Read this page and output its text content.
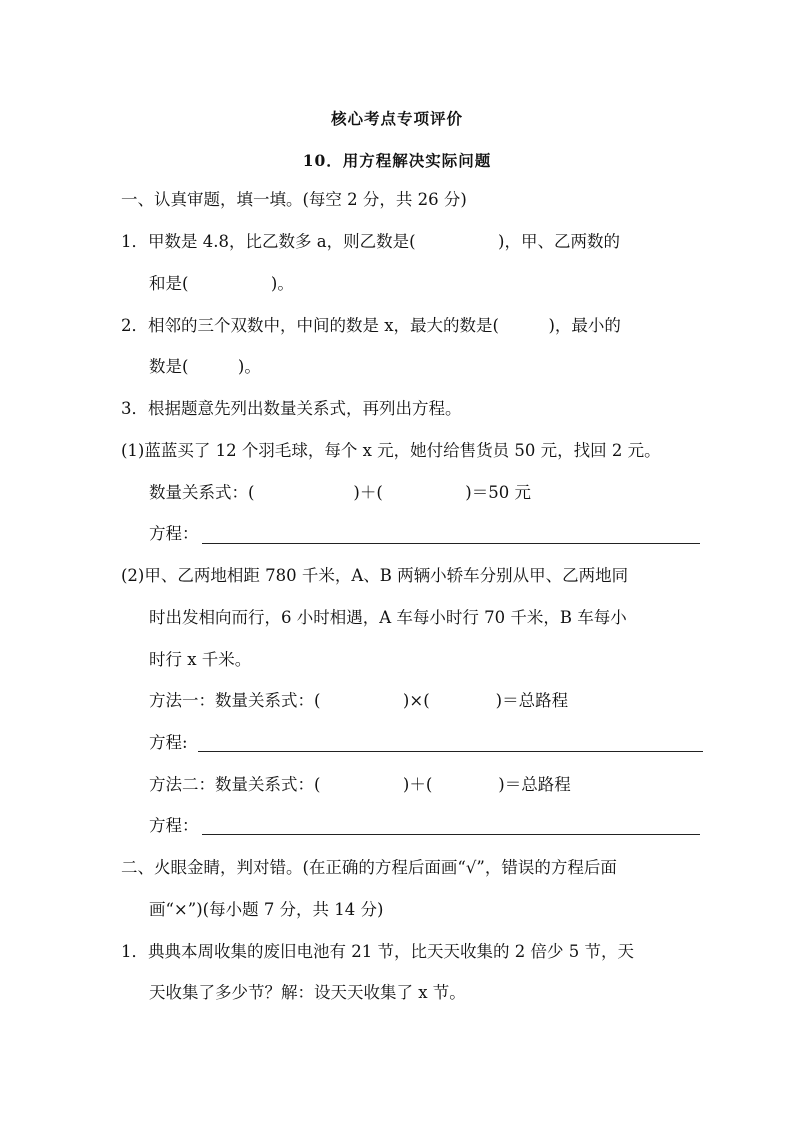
核心考点专项评价
10．用方程解决实际问题
一、认真审题，填一填。(每空 2 分，共 26 分)
1．甲数是 4.8，比乙数多 a，则乙数是(　　　　　)，甲、乙两数的
和是(　　　　　)。
2．相邻的三个双数中，中间的数是 x，最大的数是(　　　)，最小的
数是(　　　)。
3．根据题意先列出数量关系式，再列出方程。
(1)蓝蓝买了 12 个羽毛球，每个 x 元，她付给售货员 50 元，找回 2 元。
数量关系式：(　　　　　　)＋(　　　　　)＝50 元
方程：
(2)甲、乙两地相距 780 千米，A、B 两辆小轿车分别从甲、乙两地同
时出发相向而行，6 小时相遇，A 车每小时行 70 千米，B 车每小
时行 x 千米。
方法一：数量关系式：(　　　　　)×(　　　　)＝总路程
方程:
方法二：数量关系式：(　　　　　)＋(　　　　)＝总路程
方程：
二、火眼金睛，判对错。(在正确的方程后面画“√”，错误的方程后面
画“×”)(每小题 7 分，共 14 分)
1．典典本周收集的废旧电池有 21 节，比天天收集的 2 倍少 5 节，天
天收集了多少节？解：设天天收集了 x 节。
